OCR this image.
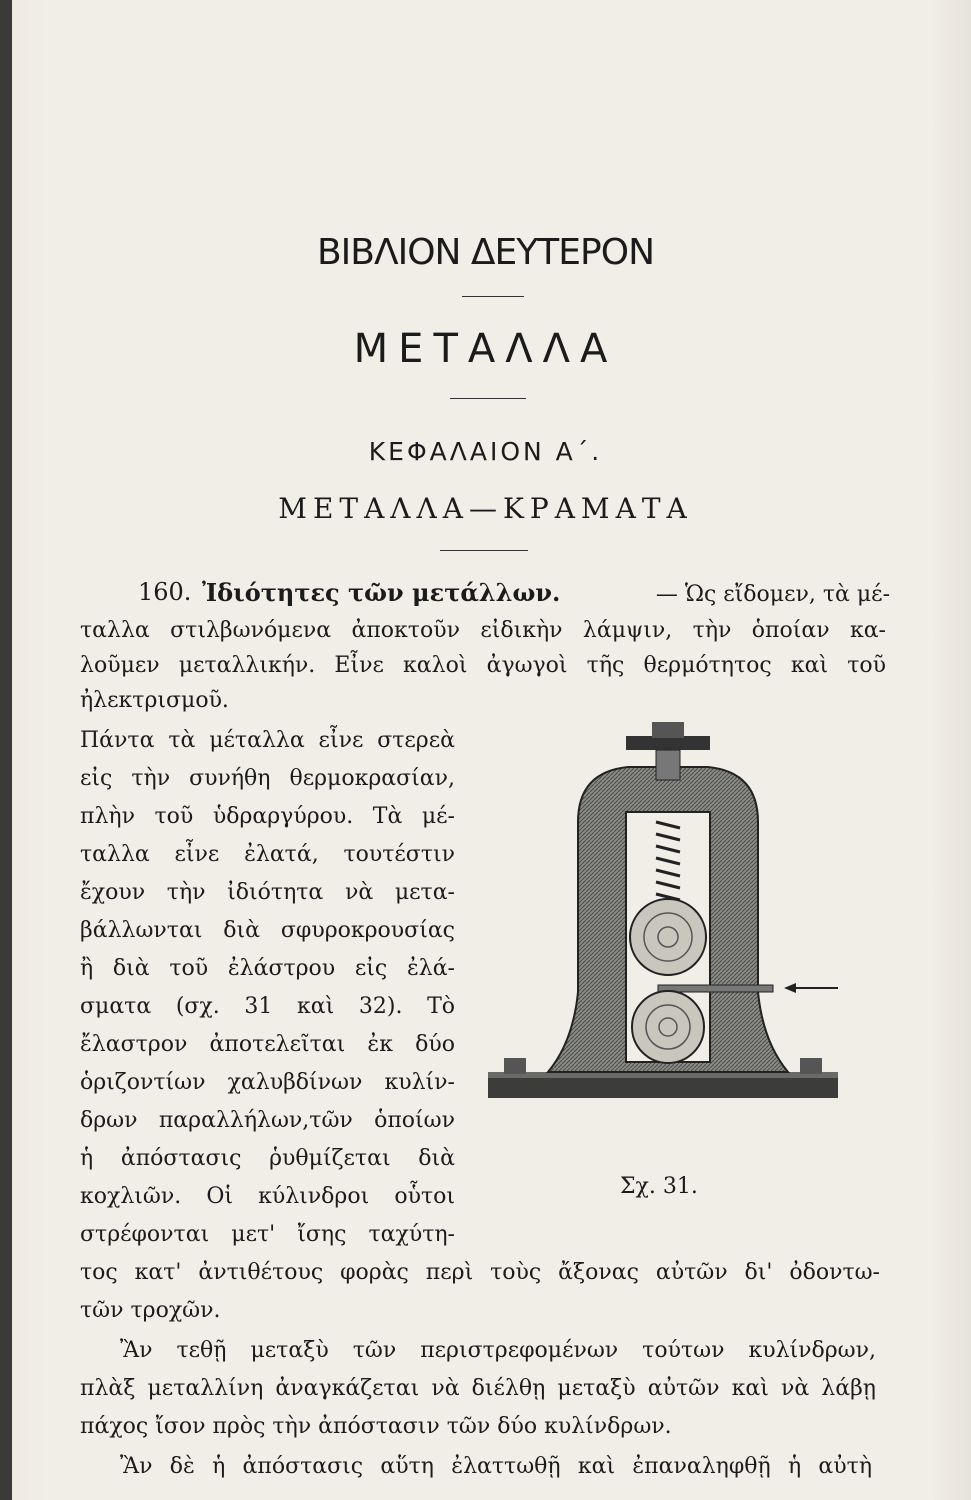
ΒΙΒΛΙΟΝ ΔΕΥΤΕΡΟΝ
ΜΕΤΑΛΛΑ
ΚΕΦΑΛΑΙΟΝ Α΄.
ΜΕΤΑΛΛΑ—ΚΡΑΜΑΤΑ
160. Ἰδιότητες τῶν μετάλλων.	— Ὡς εἴδομεν, τὰ μέ-
ταλλα στιλβωνόμενα ἀποκτοῦν εἰδικὴν λάμψιν, τὴν ὁποίαν κα-
λοῦμεν μεταλλικήν. Εἶνε καλοὶ ἀγωγοὶ τῆς θερμότητος καὶ τοῦ
ἠλεκτρισμοῦ.
Πάντα τὰ μέταλλα εἶνε στερεὰ
εἰς τὴν συνήθη θερμοκρασίαν,
πλὴν τοῦ ὑδραργύρου. Τὰ μέ-
ταλλα εἶνε ἐλατά, τουτέστιν
ἔχουν τὴν ἰδιότητα νὰ μετα-
βάλλωνται διὰ σφυροκρουσίας
ἢ διὰ τοῦ ἐλάστρου εἰς ἐλά-
σματα (σχ. 31 καὶ 32). Τὸ
ἔλαστρον ἀποτελεῖται ἐκ δύο
ὁριζοντίων χαλυβδίνων κυλίν-
δρων παραλλήλων,τῶν ὁποίων
ἡ ἀπόστασις ῥυθμίζεται διὰ
κοχλιῶν. Οἱ κύλινδροι οὗτοι
στρέφονται μετ' ἴσης ταχύτη-
τος κατ' ἀντιθέτους φορὰς περὶ τοὺς ἄξονας αὐτῶν δι' ὀδοντω-
τῶν τροχῶν.
Ἂν τεθῇ μεταξὺ τῶν περιστρεφομένων τούτων κυλίνδρων,
πλὰξ μεταλλίνη ἀναγκάζεται νὰ διέλθῃ μεταξὺ αὐτῶν καὶ νὰ λάβῃ
πάχος ἴσον πρὸς τὴν ἀπόστασιν τῶν δύο κυλίνδρων.
Ἂν δὲ ἡ ἀπόστασις αὕτη ἐλαττωθῇ καὶ ἐπαναληφθῇ ἡ αὐτὴ
Σχ. 31.
